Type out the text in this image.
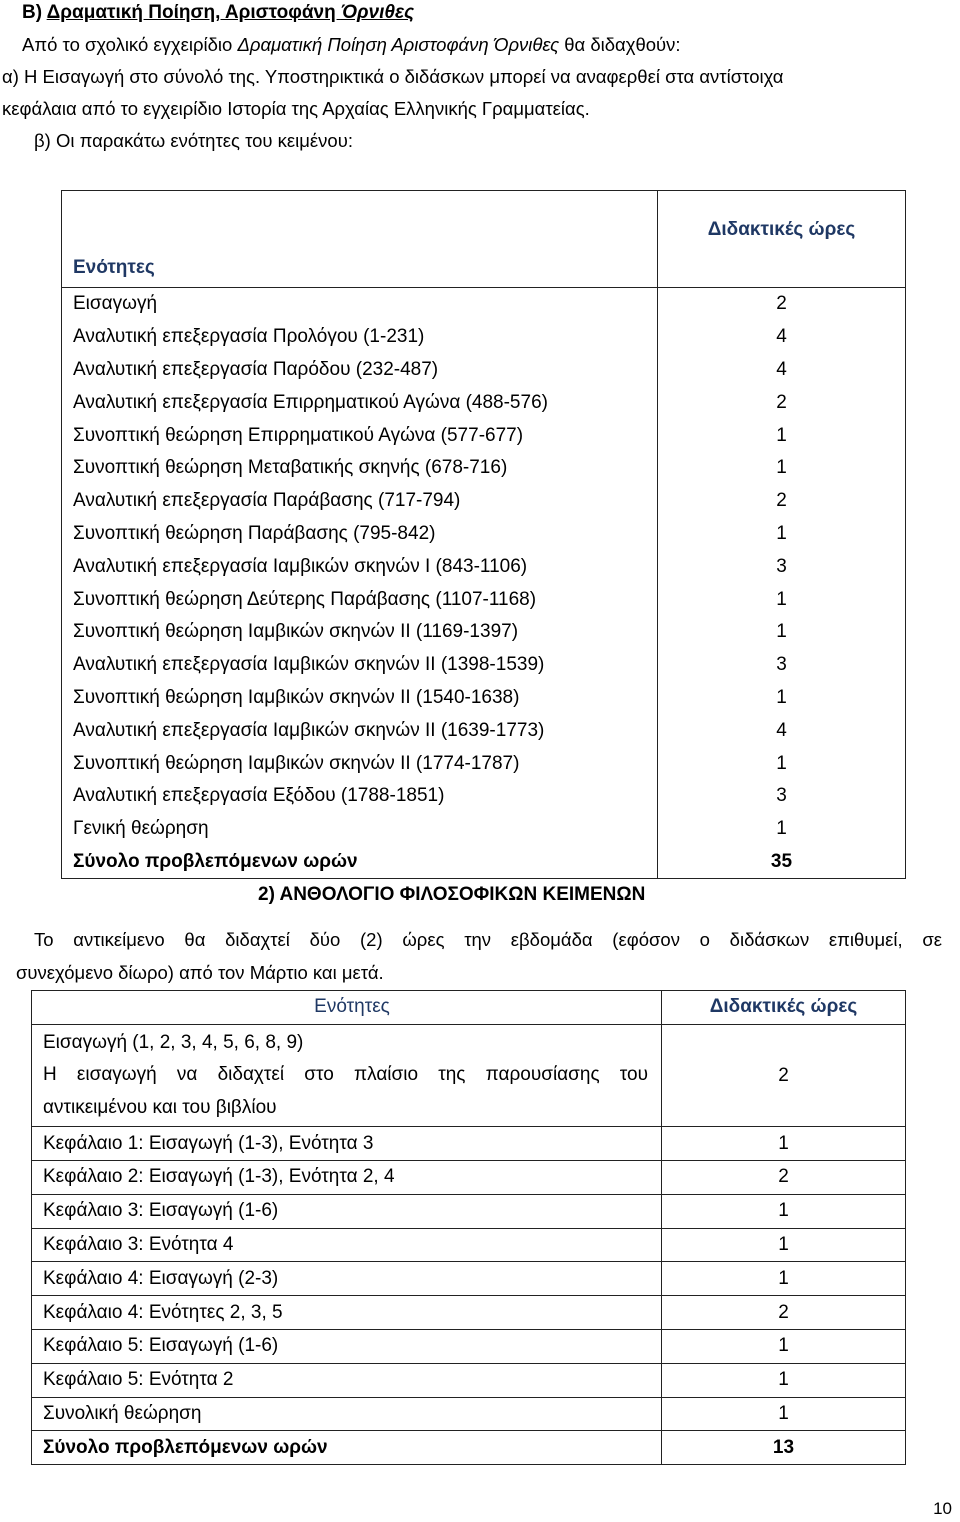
Β) Δραματική Ποίηση, Αριστοφάνη Όρνιθες
Από το σχολικό εγχειρίδιο Δραματική Ποίηση Αριστοφάνη Όρνιθες θα διδαχθούν:
α) Η Εισαγωγή στο σύνολό της. Υποστηρικτικά ο διδάσκων μπορεί να αναφερθεί στα αντίστοιχα
κεφάλαια από το εγχειρίδιο Ιστορία της Αρχαίας Ελληνικής Γραμματείας.
β) Οι παρακάτω ενότητες του κειμένου:
Ενότητες	Διδακτικές ώρες
Εισαγωγή	2
Αναλυτική επεξεργασία Προλόγου (1-231)	4
Αναλυτική επεξεργασία Παρόδου (232-487)	4
Αναλυτική επεξεργασία Επιρρηματικού Αγώνα (488-576)	2
Συνοπτική θεώρηση Επιρρηματικού Αγώνα (577-677)	1
Συνοπτική θεώρηση Μεταβατικής σκηνής (678-716)	1
Αναλυτική επεξεργασία Παράβασης (717-794)	2
Συνοπτική θεώρηση Παράβασης (795-842)	1
Αναλυτική επεξεργασία Ιαμβικών σκηνών Ι (843-1106)	3
Συνοπτική θεώρηση Δεύτερης Παράβασης (1107-1168)	1
Συνοπτική θεώρηση Ιαμβικών σκηνών ΙΙ (1169-1397)	1
Αναλυτική επεξεργασία Ιαμβικών σκηνών ΙΙ (1398-1539)	3
Συνοπτική θεώρηση Ιαμβικών σκηνών ΙΙ (1540-1638)	1
Αναλυτική επεξεργασία Ιαμβικών σκηνών ΙΙ (1639-1773)	4
Συνοπτική θεώρηση Ιαμβικών σκηνών ΙΙ (1774-1787)	1
Αναλυτική επεξεργασία Εξόδου (1788-1851)	3
Γενική θεώρηση	1
Σύνολο προβλεπόμενων ωρών	35
2) ΑΝΘΟΛΟΓΙΟ ΦΙΛΟΣΟΦΙΚΩΝ ΚΕΙΜΕΝΩΝ
Το αντικείμενο θα διδαχτεί δύο (2) ώρες την εβδομάδα (εφόσον ο διδάσκων επιθυμεί, σε
συνεχόμενο δίωρο) από τον Μάρτιο και μετά.
Ενότητες	Διδακτικές ώρες

Εισαγωγή (1, 2, 3, 4, 5, 6, 8, 9)
Η εισαγωγή να διδαχτεί στο πλαίσιο της παρουσίασης του
αντικειμένου και του βιβλίου	2
Κεφάλαιο 1: Εισαγωγή (1-3), Ενότητα 3	1
Κεφάλαιο 2: Εισαγωγή (1-3), Ενότητα 2, 4	2
Κεφάλαιο 3: Εισαγωγή (1-6)	1
Κεφάλαιο 3: Ενότητα 4	1
Κεφάλαιο 4: Εισαγωγή (2-3)	1
Κεφάλαιο 4: Ενότητες 2, 3, 5	2
Κεφάλαιο 5: Εισαγωγή (1-6)	1
Κεφάλαιο 5: Ενότητα 2	1
Συνολική θεώρηση	1
Σύνολο προβλεπόμενων ωρών	13
10
